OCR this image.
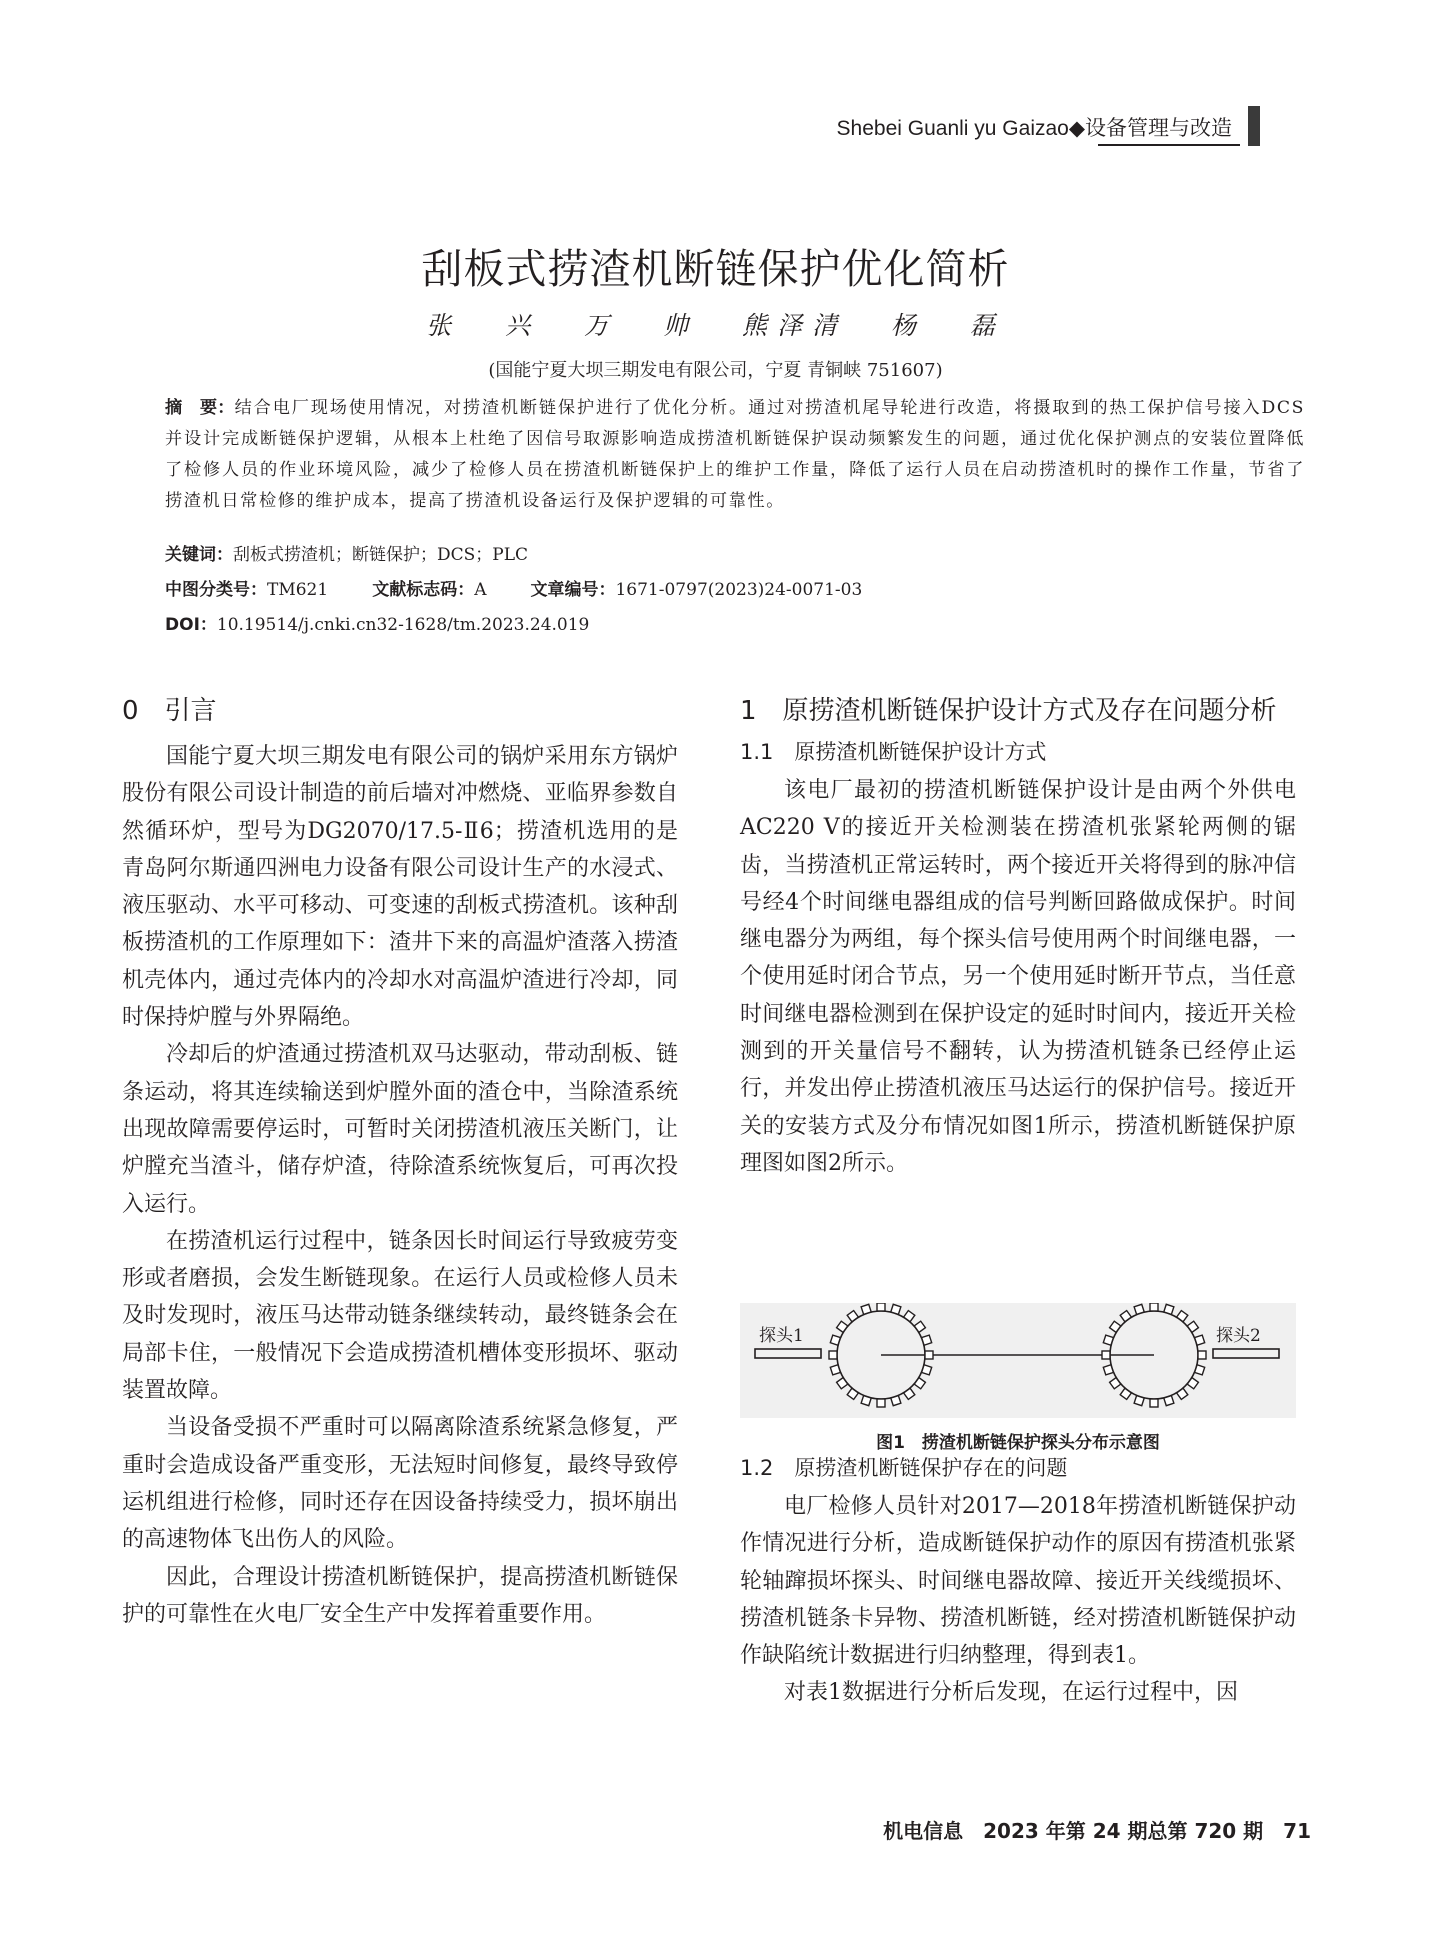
Shebei Guanli yu Gaizao◆设备管理与改造
刮板式捞渣机断链保护优化简析
张 兴 万 帅 熊泽清 杨 磊
(国能宁夏大坝三期发电有限公司，宁夏 青铜峡 751607)
摘　要：结合电厂现场使用情况，对捞渣机断链保护进行了优化分析。通过对捞渣机尾导轮进行改造，将摄取到的热工保护信号接入DCS并设计完成断链保护逻辑，从根本上杜绝了因信号取源影响造成捞渣机断链保护误动频繁发生的问题，通过优化保护测点的安装位置降低了检修人员的作业环境风险，减少了检修人员在捞渣机断链保护上的维护工作量，降低了运行人员在启动捞渣机时的操作工作量，节省了捞渣机日常检修的维护成本，提高了捞渣机设备运行及保护逻辑的可靠性。
关键词：刮板式捞渣机；断链保护；DCS；PLC
中图分类号：TM621	文献标志码：A	文章编号：1671-0797(2023)24-0071-03
DOI：10.19514/j.cnki.cn32-1628/tm.2023.24.019
0　引言

国能宁夏大坝三期发电有限公司的锅炉采用东方锅炉股份有限公司设计制造的前后墙对冲燃烧、亚临界参数自然循环炉，型号为DG2070/17.5-Ⅱ6；捞渣机选用的是青岛阿尔斯通四洲电力设备有限公司设计生产的水浸式、液压驱动、水平可移动、可变速的刮板式捞渣机。该种刮板捞渣机的工作原理如下：渣井下来的高温炉渣落入捞渣机壳体内，通过壳体内的冷却水对高温炉渣进行冷却，同时保持炉膛与外界隔绝。

冷却后的炉渣通过捞渣机双马达驱动，带动刮板、链条运动，将其连续输送到炉膛外面的渣仓中，当除渣系统出现故障需要停运时，可暂时关闭捞渣机液压关断门，让炉膛充当渣斗，储存炉渣，待除渣系统恢复后，可再次投入运行。

在捞渣机运行过程中，链条因长时间运行导致疲劳变形或者磨损，会发生断链现象。在运行人员或检修人员未及时发现时，液压马达带动链条继续转动，最终链条会在局部卡住，一般情况下会造成捞渣机槽体变形损坏、驱动装置故障。

当设备受损不严重时可以隔离除渣系统紧急修复，严重时会造成设备严重变形，无法短时间修复，最终导致停运机组进行检修，同时还存在因设备持续受力，损坏崩出的高速物体飞出伤人的风险。

因此，合理设计捞渣机断链保护，提高捞渣机断链保护的可靠性在火电厂安全生产中发挥着重要作用。

1　原捞渣机断链保护设计方式及存在问题分析
1.1　原捞渣机断链保护设计方式

该电厂最初的捞渣机断链保护设计是由两个外供电AC220 V的接近开关检测装在捞渣机张紧轮两侧的锯齿，当捞渣机正常运转时，两个接近开关将得到的脉冲信号经4个时间继电器组成的信号判断回路做成保护。时间继电器分为两组，每个探头信号使用两个时间继电器，一个使用延时闭合节点，另一个使用延时断开节点，当任意时间继电器检测到在保护设定的延时时间内，接近开关检测到的开关量信号不翻转，认为捞渣机链条已经停止运行，并发出停止捞渣机液压马达运行的保护信号。接近开关的安装方式及分布情况如图1所示，捞渣机断链保护原理图如图2所示。

探头1	探头2
图1　捞渣机断链保护探头分布示意图
1.2　原捞渣机断链保护存在的问题

电厂检修人员针对2017—2018年捞渣机断链保护动作情况进行分析，造成断链保护动作的原因有捞渣机张紧轮轴蹿损坏探头、时间继电器故障、接近开关线缆损坏、捞渣机链条卡异物、捞渣机断链，经对捞渣机断链保护动作缺陷统计数据进行归纳整理，得到表1。

对表1数据进行分析后发现，在运行过程中，因

机电信息　2023 年第 24 期总第 720 期　71
